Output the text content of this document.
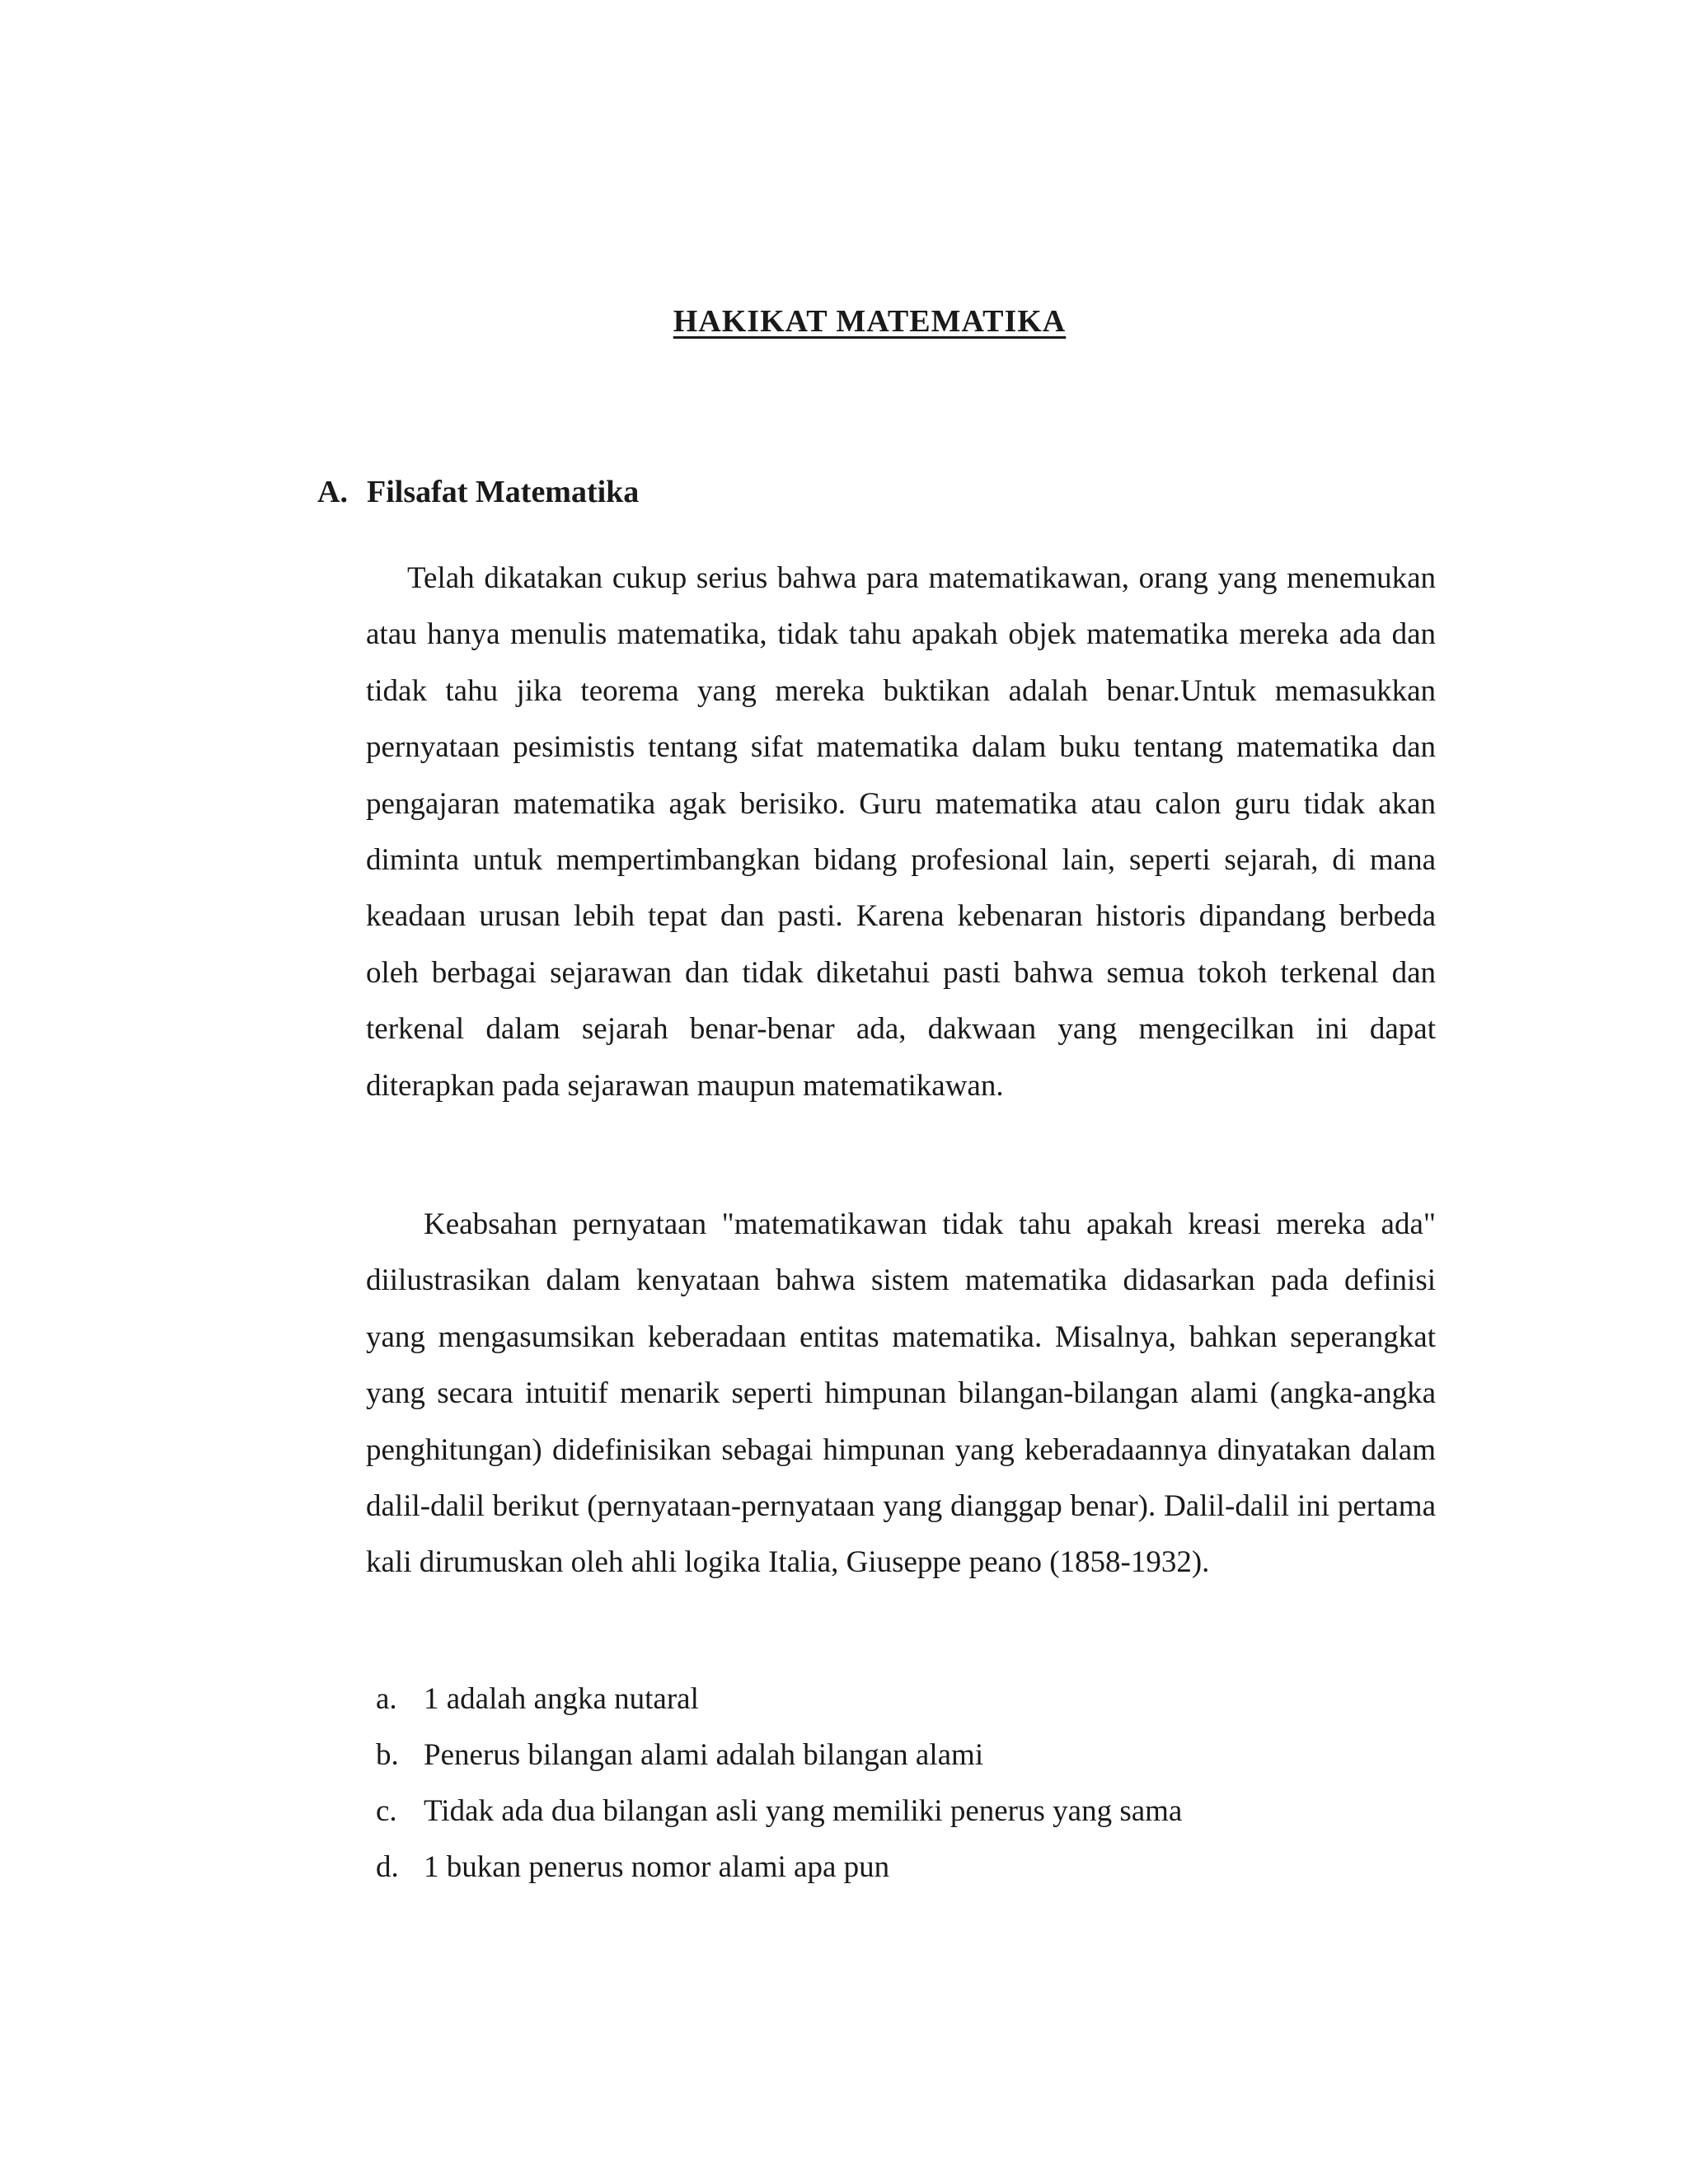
HAKIKAT MATEMATIKA
A. Filsafat Matematika

Telah dikatakan cukup serius bahwa para matematikawan, orang yang menemukan atau hanya menulis matematika, tidak tahu apakah objek matematika mereka ada dan tidak tahu jika teorema yang mereka buktikan adalah benar.Untuk memasukkan pernyataan pesimistis tentang sifat matematika dalam buku tentang matematika dan pengajaran matematika agak berisiko. Guru matematika atau calon guru tidak akan diminta untuk mempertimbangkan bidang profesional lain, seperti sejarah, di mana keadaan urusan lebih tepat dan pasti. Karena kebenaran historis dipandang berbeda oleh berbagai sejarawan dan tidak diketahui pasti bahwa semua tokoh terkenal dan terkenal dalam sejarah benar-benar ada, dakwaan yang mengecilkan ini dapat diterapkan pada sejarawan maupun matematikawan.

Keabsahan pernyataan "matematikawan tidak tahu apakah kreasi mereka ada" diilustrasikan dalam kenyataan bahwa sistem matematika didasarkan pada definisi yang mengasumsikan keberadaan entitas matematika. Misalnya, bahkan seperangkat yang secara intuitif menarik seperti himpunan bilangan-bilangan alami (angka-angka penghitungan) didefinisikan sebagai himpunan yang keberadaannya dinyatakan dalam dalil-dalil berikut (pernyataan-pernyataan yang dianggap benar). Dalil-dalil ini pertama kali dirumuskan oleh ahli logika Italia, Giuseppe peano (1858-1932).

a. 1 adalah angka nutaral
b. Penerus bilangan alami adalah bilangan alami
c. Tidak ada dua bilangan asli yang memiliki penerus yang sama
d. 1 bukan penerus nomor alami apa pun
